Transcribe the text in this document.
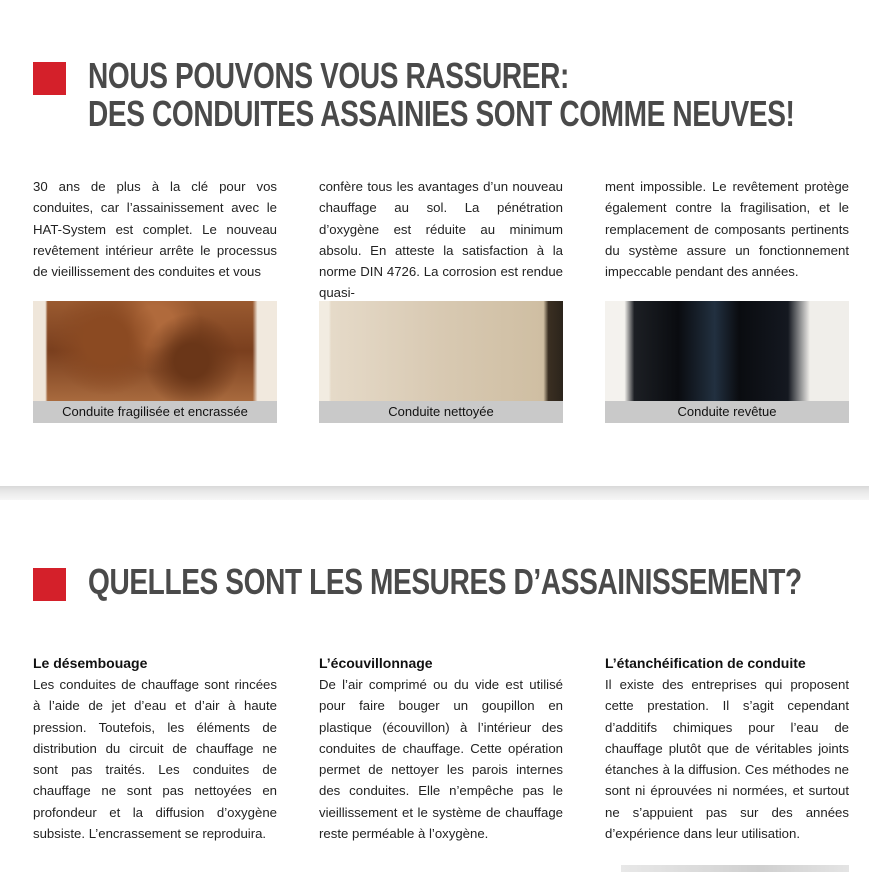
NOUS POUVONS VOUS RASSURER:
DES CONDUITES ASSAINIES SONT COMME NEUVES!

30 ans de plus à la clé pour vos conduites, car l’assainissement avec le HAT-System est complet. Le nouveau revêtement intérieur arrête le processus de vieillissement des conduites et vous

confère tous les avantages d’un nouveau chauffage au sol. La pénétration d’oxygène est réduite au minimum absolu. En atteste la satisfaction à la norme DIN 4726. La corrosion est rendue quasi-

ment impossible. Le revêtement protège également contre la fragilisation, et le remplacement de composants pertinents du système assure un fonctionnement impeccable pendant des années.

Conduite fragilisée et encrassée	Conduite nettoyée	Conduite revêtue
QUELLES SONT LES MESURES D’ASSAINISSEMENT?
Le désembouage

Les conduites de chauffage sont rincées à l’aide de jet d’eau et d’air à haute pression. Toutefois, les éléments de distribution du circuit de chauffage ne sont pas traités. Les conduites de chauffage ne sont pas nettoyées en profondeur et la diffusion d’oxygène subsiste. L’encrassement se reproduira.

L’écouvillonnage

De l’air comprimé ou du vide est utilisé pour faire bouger un goupillon en plastique (écouvillon) à l’intérieur des conduites de chauffage. Cette opération permet de nettoyer les parois internes des conduites. Elle n’empêche pas le vieillissement et le système de chauffage reste perméable à l’oxygène.

L’étanchéification de conduite

Il existe des entreprises qui proposent cette prestation. Il s’agit cependant d’additifs chimiques pour l’eau de chauffage plutôt que de véritables joints étanches à la diffusion. Ces méthodes ne sont ni éprouvées ni normées, et surtout ne s’appuient pas sur des années d’expérience dans leur utilisation.
